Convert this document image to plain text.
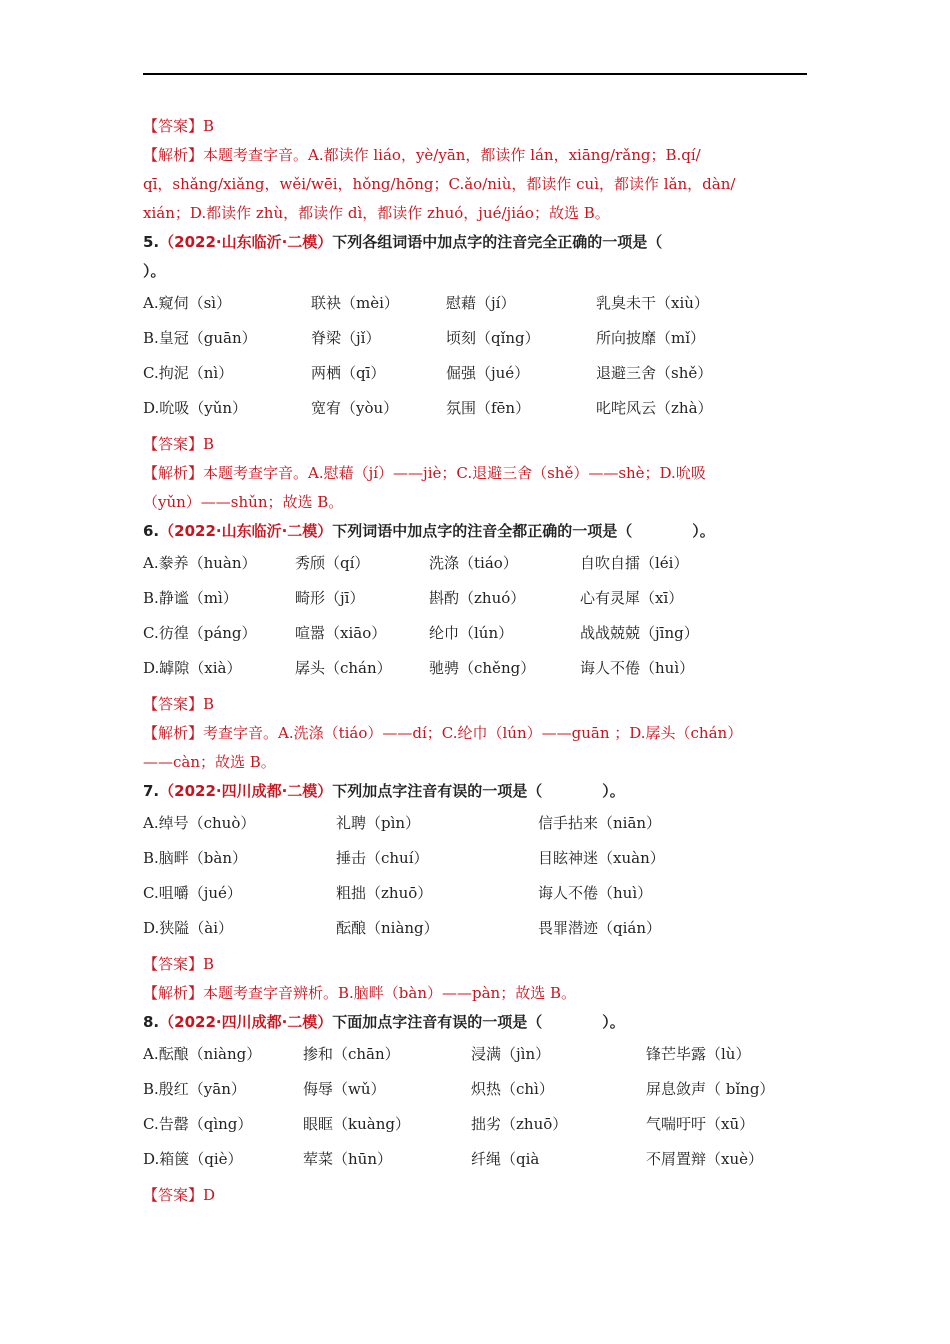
【答案】B
【解析】本题考查字音。A.都读作 liáo，yè/yān，都读作 lán，xiāng/rǎng；B.qí/
qī，shǎng/xiǎng，wěi/wēi，hǒng/hōng；C.ǎo/niù，都读作 cuì，都读作 lǎn，dàn/
xián；D.都读作 zhù，都读作 dì，都读作 zhuó，jué/jiáo；故选 B。
5.（2022·山东临沂·二模）下列各组词语中加点字的注音完全正确的一项是（
）。
A.窥伺（sì）	联袂（mèi）	慰藉（jí）	乳臭未干（xiù）
B.皇冠（guān）	脊梁（jǐ）	顷刻（qǐng）	所向披靡（mǐ）
C.拘泥（nì）	两栖（qī）	倔强（jué）	退避三舍（shě）
D.吮吸（yǔn）	宽宥（yòu）	氛围（fēn）	叱咤风云（zhà）
【答案】B
【解析】本题考查字音。A.慰藉（jí）——jiè；C.退避三舍（shě）——shè；D.吮吸
（yǔn）——shǔn；故选 B。
6.（2022·山东临沂·二模）下列词语中加点字的注音全都正确的一项是（　　　　）。
A.豢养（huàn）	秀颀（qí）	洗涤（tiáo）	自吹自擂（léi）
B.静谧（mì）	畸形（jī）	斟酌（zhuó）	心有灵犀（xī）
C.彷徨（páng）	喧嚣（xiāo）	纶巾（lún）	战战兢兢（jīng）
D.罅隙（xià）	孱头（chán） 驰骋（chěng）	诲人不倦（huì）
【答案】B
【解析】考查字音。A.洗涤（tiáo）——dí；C.纶巾（lún）——guān ；D.孱头（chán）
——càn；故选 B。
7.（2022·四川成都·二模）下列加点字注音有误的一项是（　　　　）。
A.绰号（chuò）	礼聘（pìn）	信手拈来（niān）
B.脑畔（bàn）	捶击（chuí）	目眩神迷（xuàn）
C.咀嚼（jué）	粗拙（zhuō）	诲人不倦（huì）
D.狭隘（ài）	酝酿（niàng）	畏罪潜迹（qián）
【答案】B
【解析】本题考查字音辨析。B.脑畔（bàn）——pàn；故选 B。
8.（2022·四川成都·二模）下面加点字注音有误的一项是（　　　　）。
A.酝酿（niàng）	掺和（chān）	浸满（jìn）	锋芒毕露（lù）
B.殷红（yān）	侮辱（wǔ）	炽热（chì）	屏息敛声（ bǐng）
C.告罄（qìng）	眼眶（kuàng）	拙劣（zhuō）	气喘吁吁（xū）
D.箱箧（qiè）	荤菜（hūn）	纤绳（qià	不屑置辩（xuè）
【答案】D
